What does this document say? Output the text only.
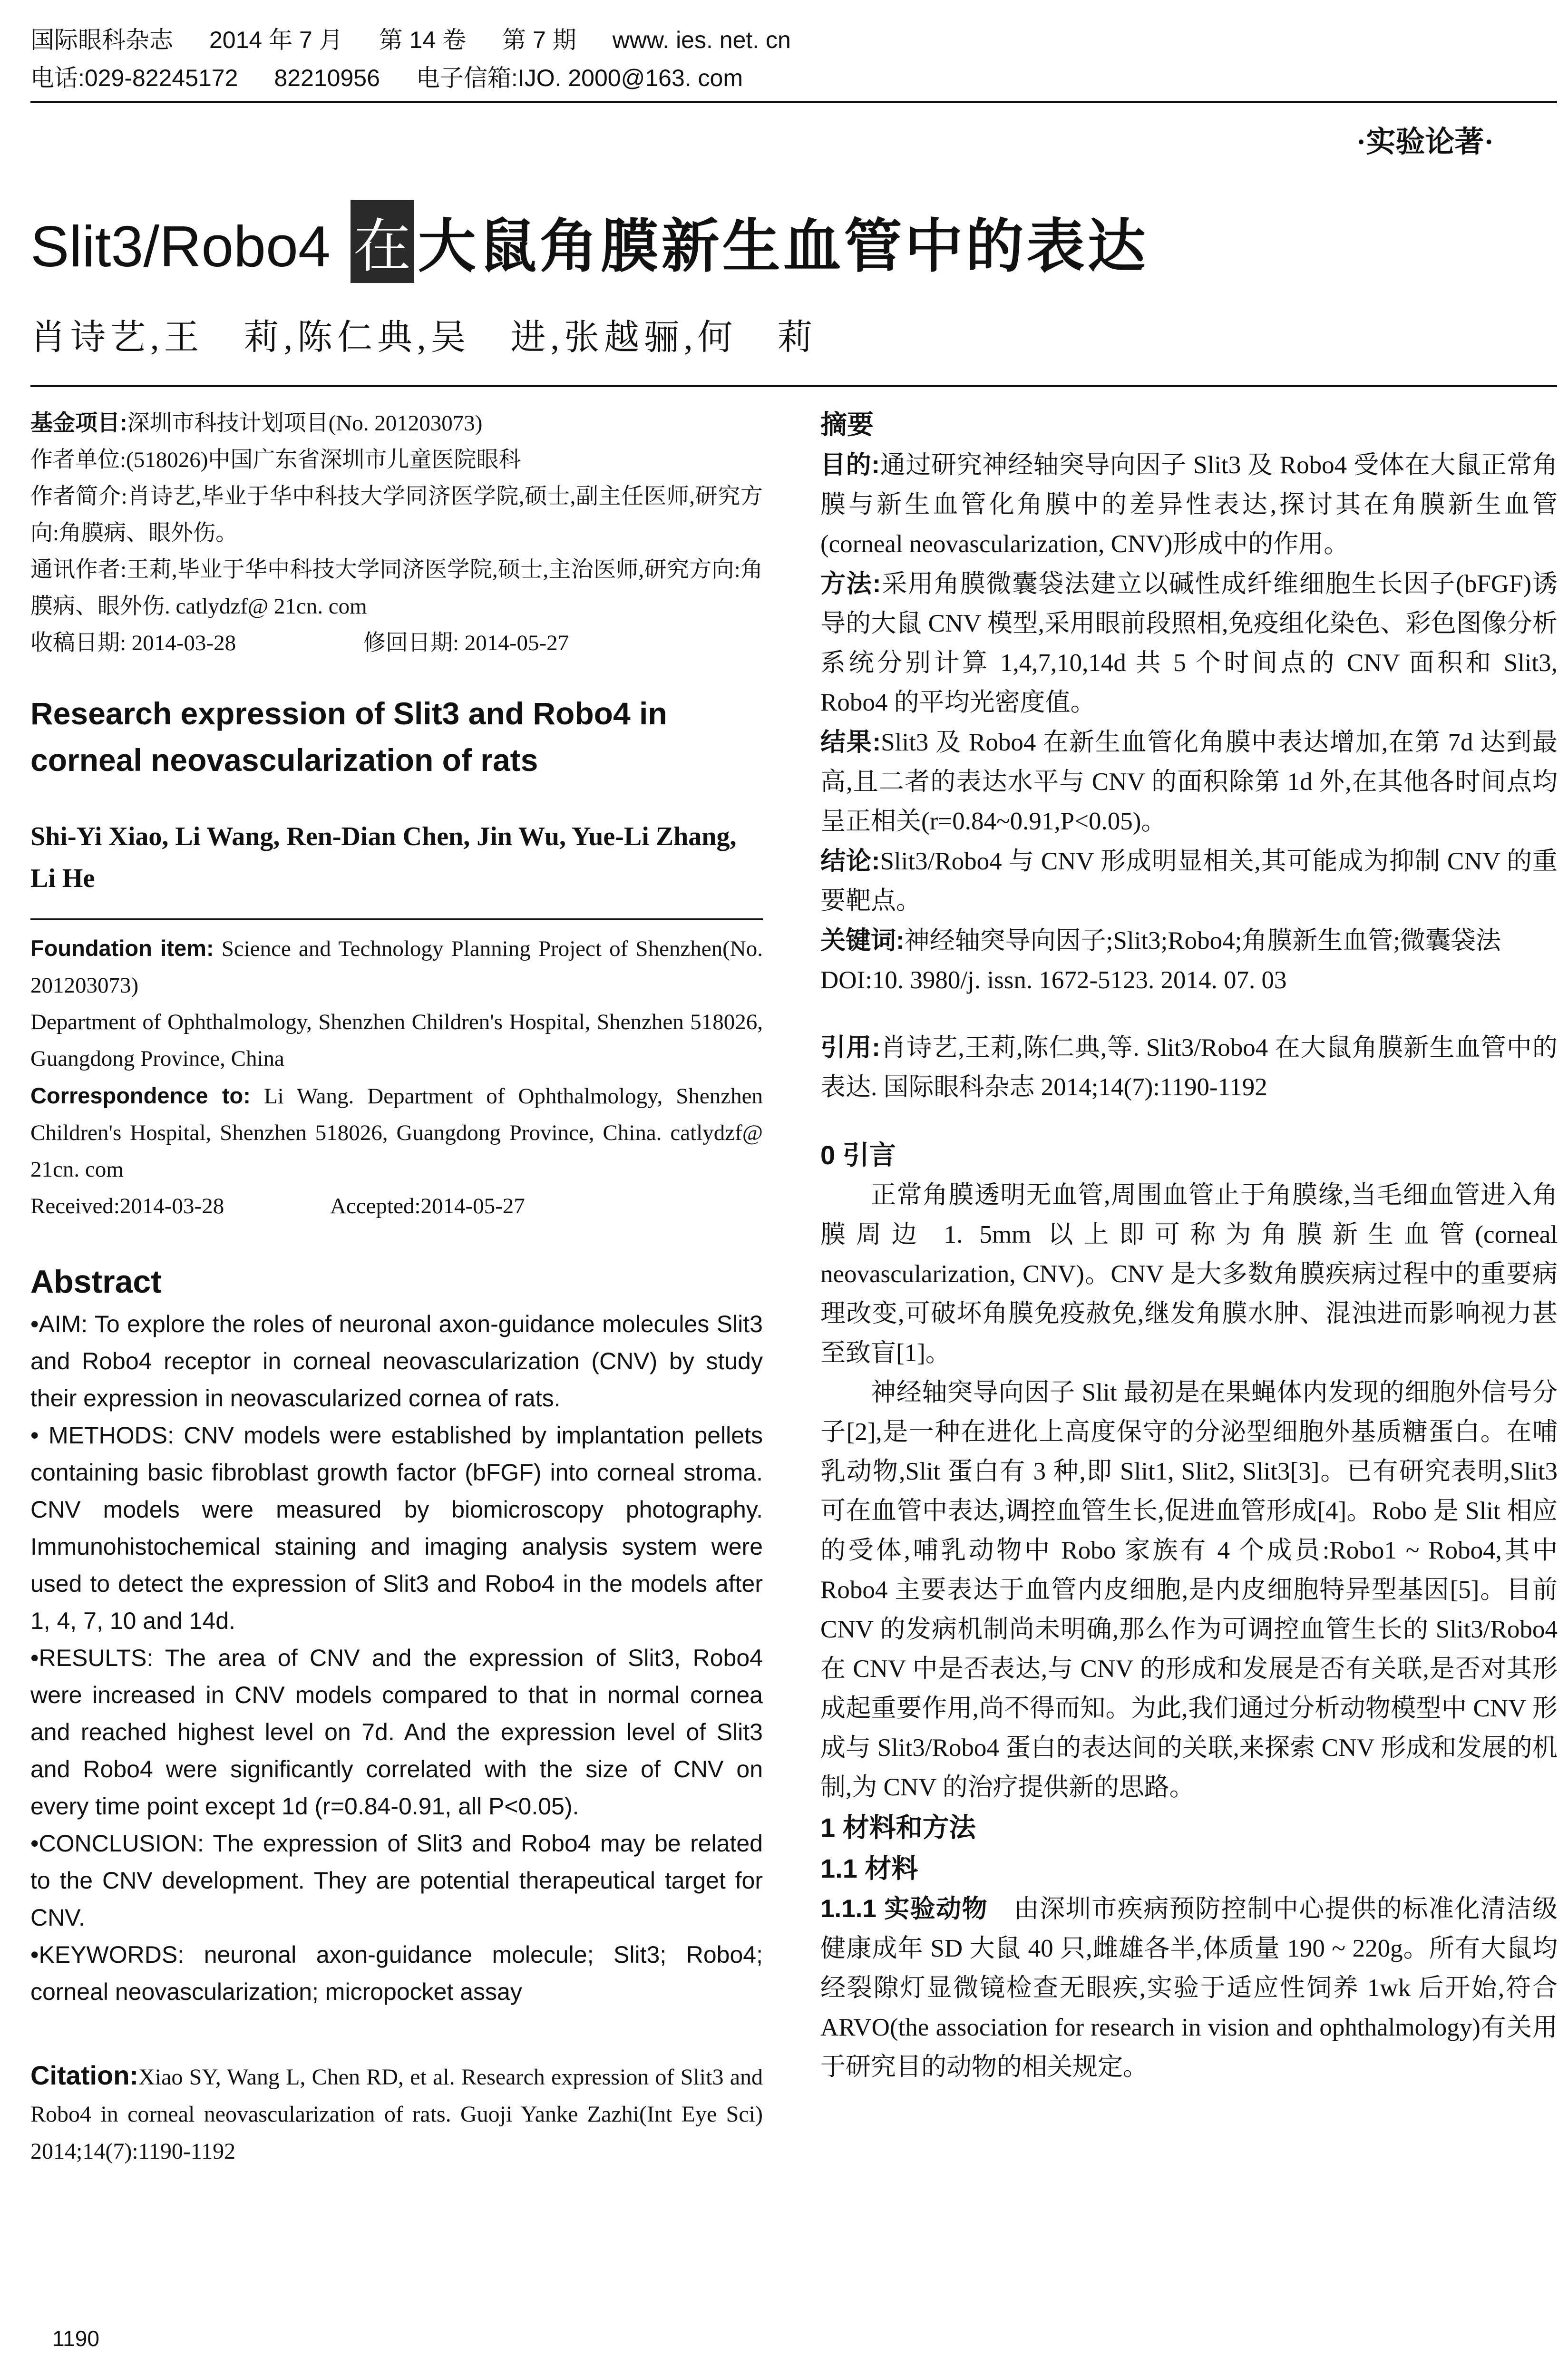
国际眼科杂志 2014 年 7 月 第 14 卷 第 7 期 www. ies. net. cn
电话:029-82245172 82210956 电子信箱:IJO. 2000@163. com
·实验论著·
Slit3/Robo4 在 大鼠角膜新生血管中的表达
肖诗艺,王　莉,陈仁典,吴　进,张越骊,何　莉
基金项目:深圳市科技计划项目(No. 201203073)
作者单位:(518026)中国广东省深圳市儿童医院眼科
作者简介:肖诗艺,毕业于华中科技大学同济医学院,硕士,副主任医师,研究方向:角膜病、眼外伤。
通讯作者:王莉,毕业于华中科技大学同济医学院,硕士,主治医师,研究方向:角膜病、眼外伤. catlydzf@ 21cn. com
收稿日期: 2014-03-28	修回日期: 2014-05-27
Research expression of Slit3 and Robo4 in corneal neovascularization of rats
Shi-Yi Xiao, Li Wang, Ren-Dian Chen, Jin Wu, Yue-Li Zhang, Li He
Foundation item: Science and Technology Planning Project of Shenzhen(No. 201203073)
Department of Ophthalmology, Shenzhen Children's Hospital, Shenzhen 518026, Guangdong Province, China
Correspondence to: Li Wang. Department of Ophthalmology, Shenzhen Children's Hospital, Shenzhen 518026, Guangdong Province, China. catlydzf@ 21cn. com
Received:2014-03-28	Accepted:2014-05-27
Abstract
•AIM: To explore the roles of neuronal axon-guidance molecules Slit3 and Robo4 receptor in corneal neovascularization (CNV) by study their expression in neovascularized cornea of rats.
• METHODS: CNV models were established by implantation pellets containing basic fibroblast growth factor (bFGF) into corneal stroma. CNV models were measured by biomicroscopy photography. Immunohistochemical staining and imaging analysis system were used to detect the expression of Slit3 and Robo4 in the models after 1, 4, 7, 10 and 14d.
•RESULTS: The area of CNV and the expression of Slit3, Robo4 were increased in CNV models compared to that in normal cornea and reached highest level on 7d. And the expression level of Slit3 and Robo4 were significantly correlated with the size of CNV on every time point except 1d (r=0.84-0.91, all P<0.05).
•CONCLUSION: The expression of Slit3 and Robo4 may be related to the CNV development. They are potential therapeutical target for CNV.
•KEYWORDS: neuronal axon-guidance molecule; Slit3; Robo4; corneal neovascularization; micropocket assay
Citation:Xiao SY, Wang L, Chen RD, et al. Research expression of Slit3 and Robo4 in corneal neovascularization of rats. Guoji Yanke Zazhi(Int Eye Sci) 2014;14(7):1190-1192
1190
摘要
目的:通过研究神经轴突导向因子 Slit3 及 Robo4 受体在大鼠正常角膜与新生血管化角膜中的差异性表达,探讨其在角膜新生血管(corneal neovascularization, CNV)形成中的作用。
方法:采用角膜微囊袋法建立以碱性成纤维细胞生长因子(bFGF)诱导的大鼠 CNV 模型,采用眼前段照相,免疫组化染色、彩色图像分析系统分别计算 1,4,7,10,14d 共 5 个时间点的 CNV 面积和 Slit3, Robo4 的平均光密度值。
结果:Slit3 及 Robo4 在新生血管化角膜中表达增加,在第 7d 达到最高,且二者的表达水平与 CNV 的面积除第 1d 外,在其他各时间点均呈正相关(r=0.84~0.91,P<0.05)。
结论:Slit3/Robo4 与 CNV 形成明显相关,其可能成为抑制 CNV 的重要靶点。
关键词:神经轴突导向因子;Slit3;Robo4;角膜新生血管;微囊袋法
DOI:10. 3980/j. issn. 1672-5123. 2014. 07. 03
引用:肖诗艺,王莉,陈仁典,等. Slit3/Robo4 在大鼠角膜新生血管中的表达. 国际眼科杂志 2014;14(7):1190-1192
0 引言
正常角膜透明无血管,周围血管止于角膜缘,当毛细血管进入角膜周边 1. 5mm 以上即可称为角膜新生血管(corneal neovascularization, CNV)。CNV 是大多数角膜疾病过程中的重要病理改变,可破坏角膜免疫赦免,继发角膜水肿、混浊进而影响视力甚至致盲[1]。
神经轴突导向因子 Slit 最初是在果蝇体内发现的细胞外信号分子[2],是一种在进化上高度保守的分泌型细胞外基质糖蛋白。在哺乳动物,Slit 蛋白有 3 种,即 Slit1, Slit2, Slit3[3]。已有研究表明,Slit3 可在血管中表达,调控血管生长,促进血管形成[4]。Robo 是 Slit 相应的受体,哺乳动物中 Robo 家族有 4 个成员:Robo1 ~ Robo4,其中 Robo4 主要表达于血管内皮细胞,是内皮细胞特异型基因[5]。目前 CNV 的发病机制尚未明确,那么作为可调控血管生长的 Slit3/Robo4 在 CNV 中是否表达,与 CNV 的形成和发展是否有关联,是否对其形成起重要作用,尚不得而知。为此,我们通过分析动物模型中 CNV 形成与 Slit3/Robo4 蛋白的表达间的关联,来探索 CNV 形成和发展的机制,为 CNV 的治疗提供新的思路。
1 材料和方法
1.1 材料
1.1.1 实验动物　 由深圳市疾病预防控制中心提供的标准化清洁级健康成年 SD 大鼠 40 只,雌雄各半,体质量 190 ~ 220g。所有大鼠均经裂隙灯显微镜检查无眼疾,实验于适应性饲养 1wk 后开始,符合 ARVO(the association for research in vision and ophthalmology)有关用于研究目的动物的相关规定。
